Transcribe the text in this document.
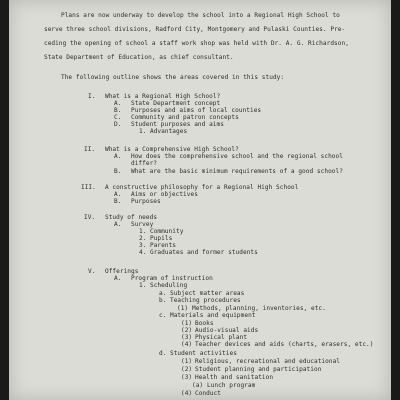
Plans are now underway to develop the school into a Regional High School to
serve three school divisions, Radford City, Montgomery and Pulaski Counties. Pre-
ceding the opening of school a staff work shop was held with Dr. A. G. Richardson,
State Department of Education, as chief consultant.
The following outline shows the areas covered in this study:
I. What is a Regional High School?
A. State Department concept
B. Purposes and aims of local counties
C. Community and patron concepts
D. Student purposes and aims
1. Advantages
II. What is a Comprehensive High School?
A. How does the comprehensive school and the regional school
differ?
B. What are the basic minimum requirements of a good school?
III. A constructive philosophy for a Regional High School
A. Aims or objectives
B. Purposes
IV. Study of needs
A. Survey
1. Community
2. Pupils
3. Parents
4. Graduates and former students
V. Offerings
A. Program of instruction
1. Scheduling
a. Subject matter areas
b. Teaching procedures
(1) Methods, planning, inventories, etc.
c. Materials and equipment
(1) Books
(2) Audio-visual aids
(3) Physical plant
(4) Teacher devices and aids (charts, erasers, etc.)
d. Student activities
(1) Religious, recreational and educational
(2) Student planning and participation
(3) Health and sanitation
(a) Lunch program
(4) Conduct
